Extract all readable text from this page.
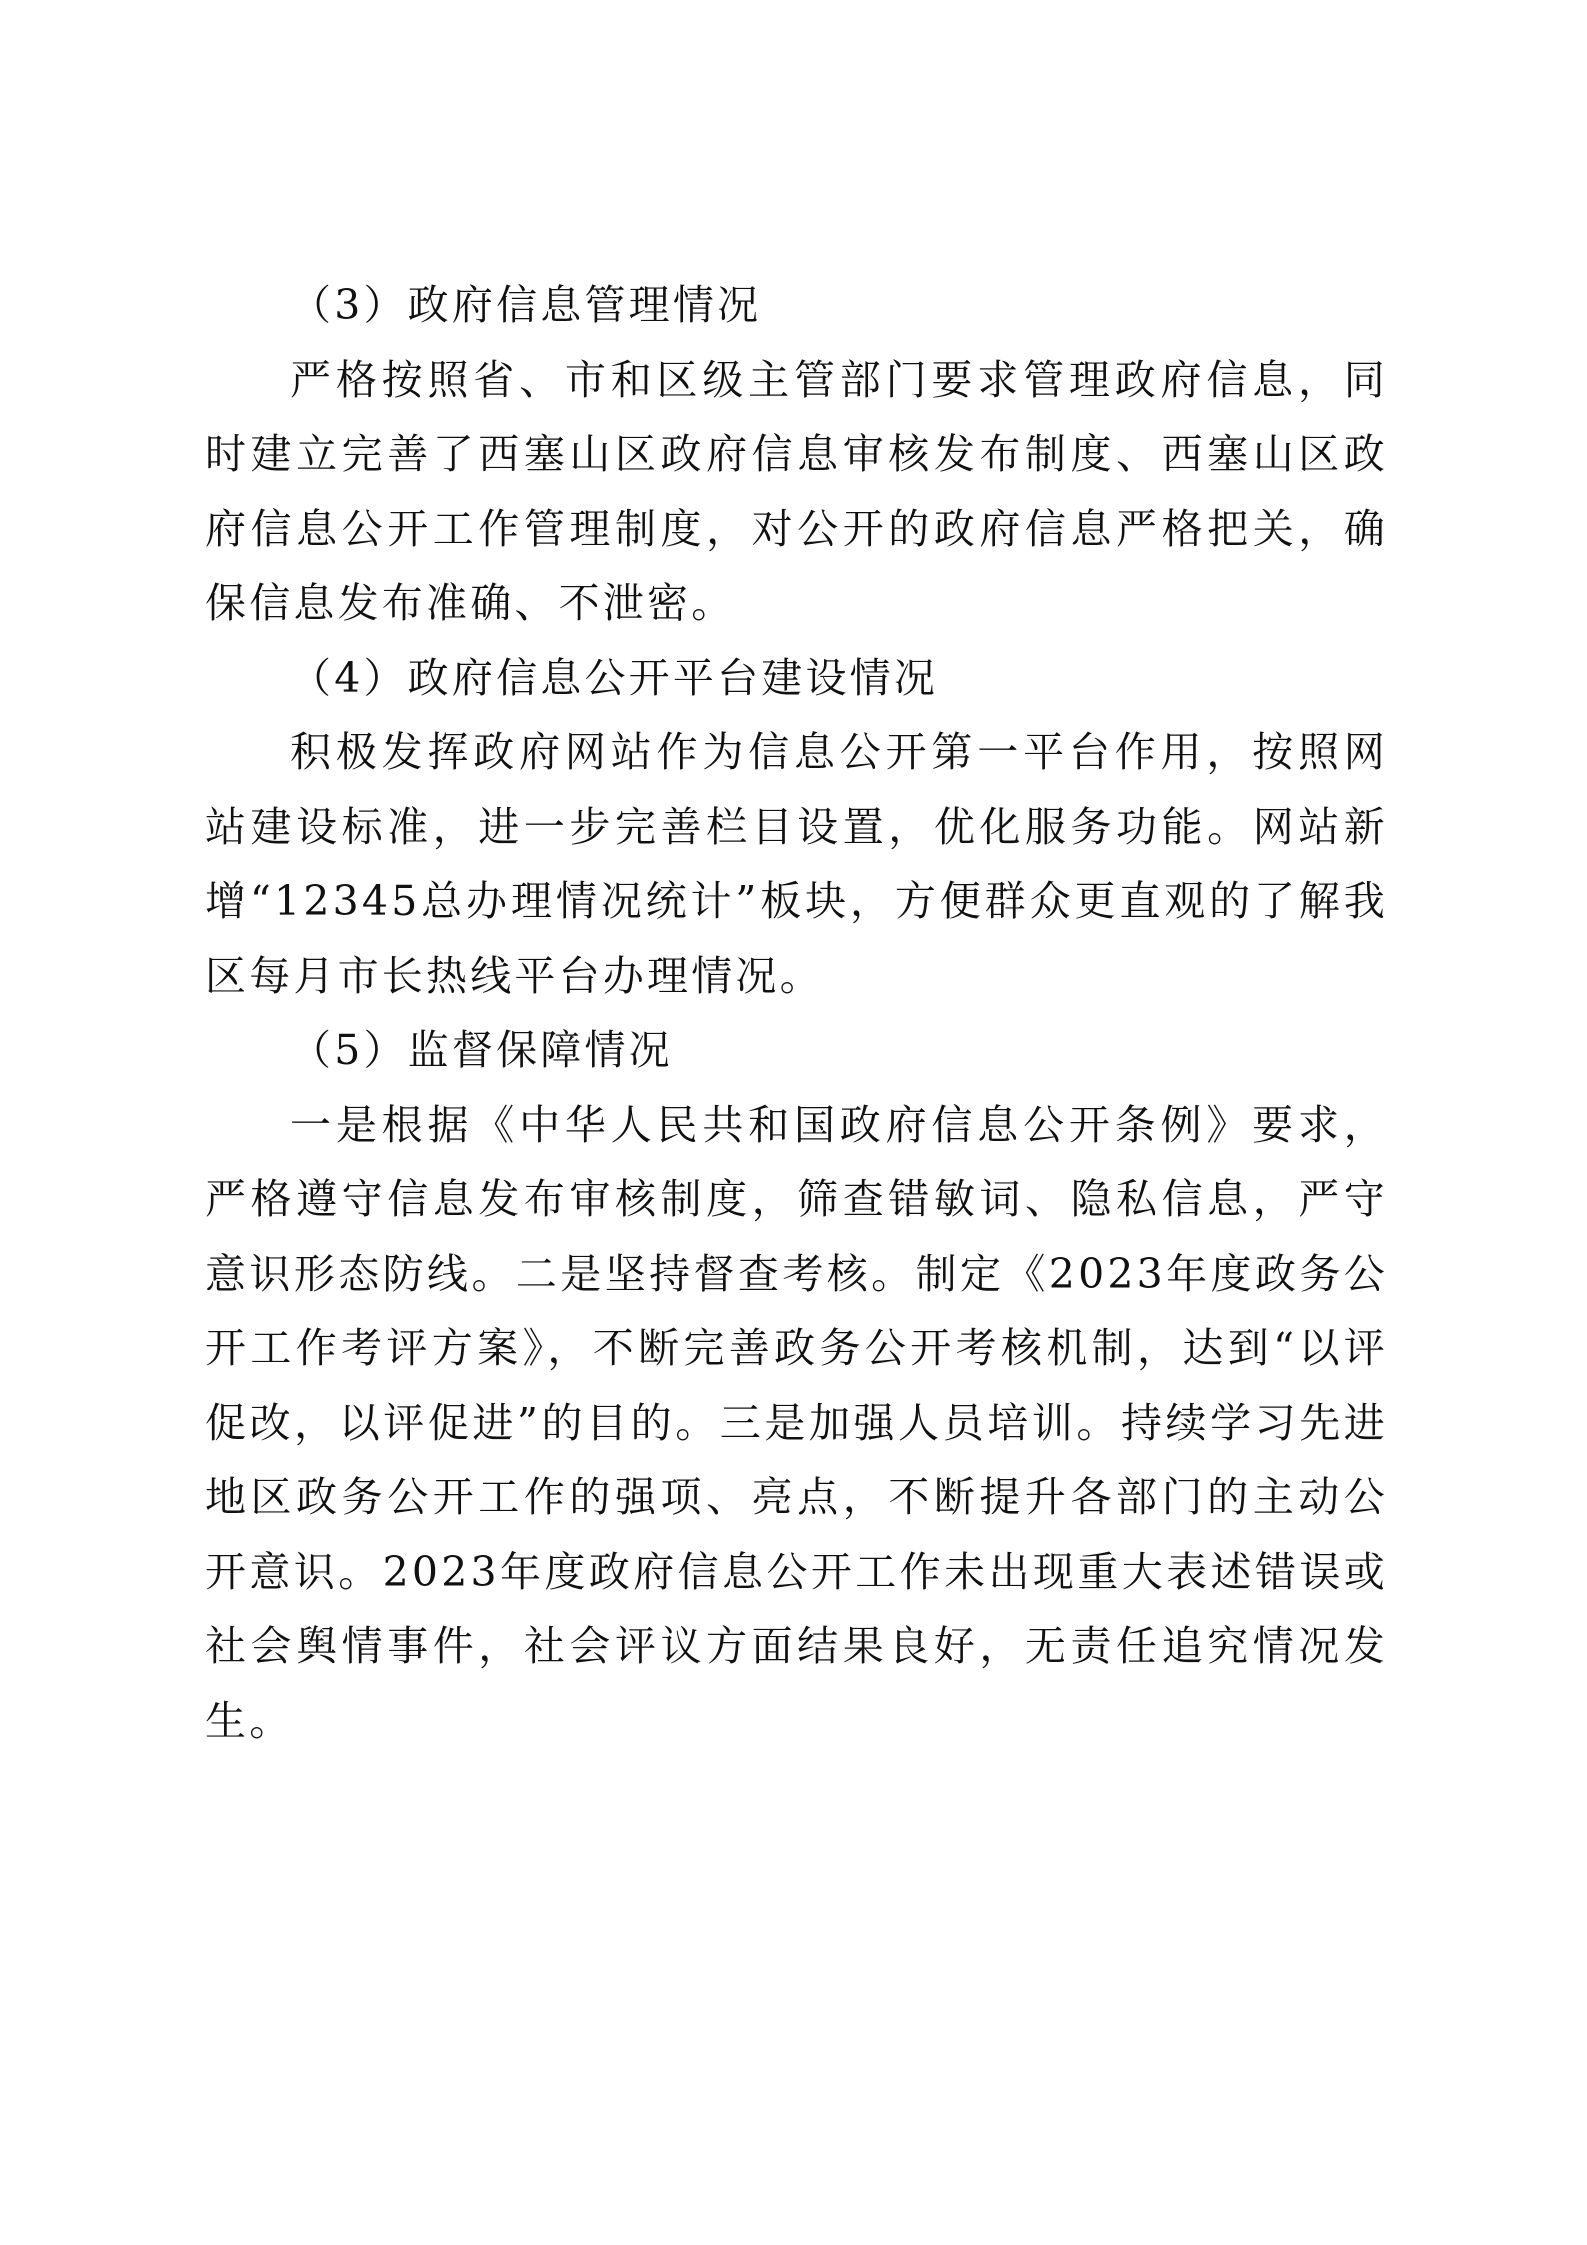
（3）政府信息管理情况

严格按照省、市和区级主管部门要求管理政府信息，同时建立完善了西塞山区政府信息审核发布制度、西塞山区政府信息公开工作管理制度，对公开的政府信息严格把关，确保信息发布准确、不泄密。

（4）政府信息公开平台建设情况

积极发挥政府网站作为信息公开第一平台作用，按照网站建设标准，进一步完善栏目设置，优化服务功能。网站新增“12345总办理情况统计”板块，方便群众更直观的了解我区每月市长热线平台办理情况。

（5）监督保障情况

一是根据《中华人民共和国政府信息公开条例》要求，严格遵守信息发布审核制度，筛查错敏词、隐私信息，严守意识形态防线。二是坚持督查考核。制定《2023年度政务公开工作考评方案》，不断完善政务公开考核机制，达到“以评促改，以评促进”的目的。三是加强人员培训。持续学习先进地区政务公开工作的强项、亮点，不断提升各部门的主动公开意识。2023年度政府信息公开工作未出现重大表述错误或社会舆情事件，社会评议方面结果良好，无责任追究情况发生。
